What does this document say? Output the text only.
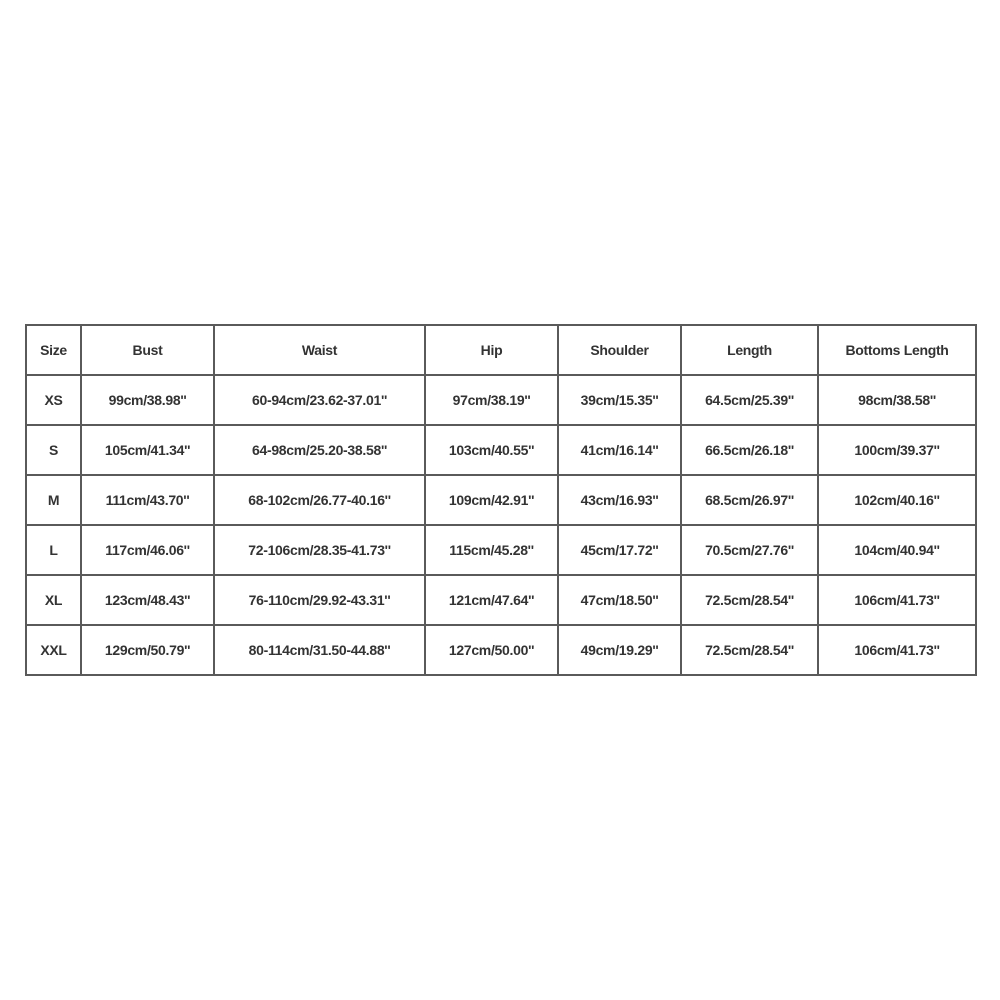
Size	Bust	Waist	Hip	Shoulder	Length	Bottoms Length
XS	99cm/38.98''	60-94cm/23.62-37.01''	97cm/38.19''	39cm/15.35''	64.5cm/25.39''	98cm/38.58''
S	105cm/41.34''	64-98cm/25.20-38.58''	103cm/40.55''	41cm/16.14''	66.5cm/26.18''	100cm/39.37''
M	111cm/43.70''	68-102cm/26.77-40.16''	109cm/42.91''	43cm/16.93''	68.5cm/26.97''	102cm/40.16''
L	117cm/46.06''	72-106cm/28.35-41.73''	115cm/45.28''	45cm/17.72''	70.5cm/27.76''	104cm/40.94''
XL	123cm/48.43''	76-110cm/29.92-43.31''	121cm/47.64''	47cm/18.50''	72.5cm/28.54''	106cm/41.73''
XXL	129cm/50.79''	80-114cm/31.50-44.88''	127cm/50.00''	49cm/19.29''	72.5cm/28.54''	106cm/41.73''
